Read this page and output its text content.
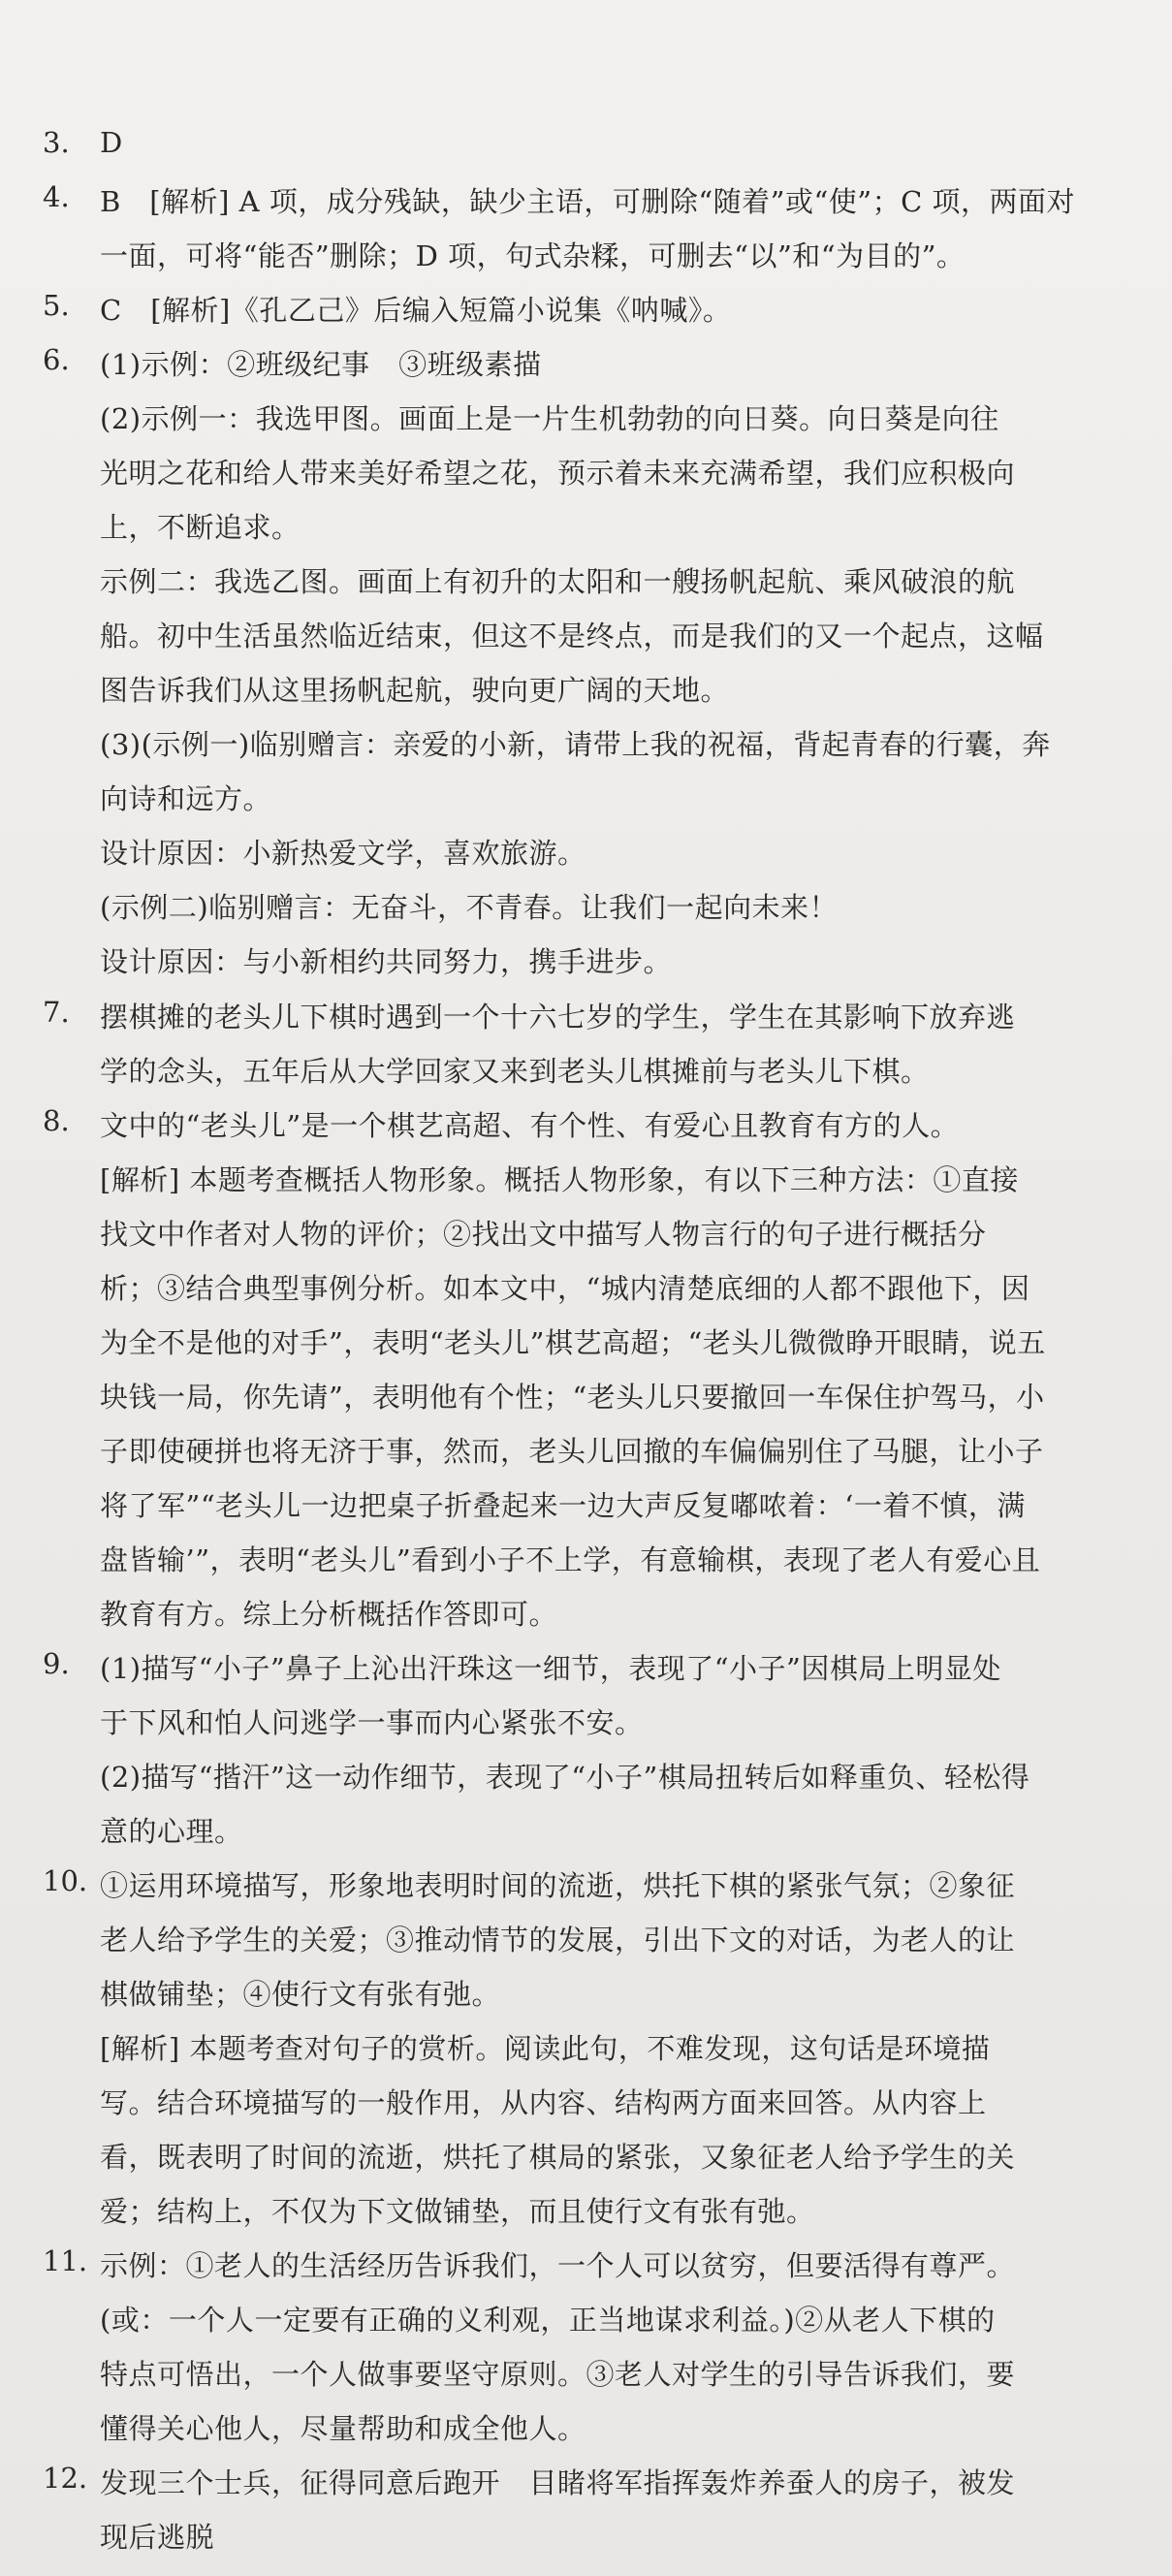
3. D
4. B　[解析] A 项，成分残缺，缺少主语，可删除“随着”或“使”；C 项，两面对
一面，可将“能否”删除；D 项，句式杂糅，可删去“以”和“为目的”。
5. C　[解析]《孔乙己》后编入短篇小说集《呐喊》。
6. (1)示例：②班级纪事　③班级素描
(2)示例一：我选甲图。画面上是一片生机勃勃的向日葵。向日葵是向往
光明之花和给人带来美好希望之花，预示着未来充满希望，我们应积极向
上，不断追求。
示例二：我选乙图。画面上有初升的太阳和一艘扬帆起航、乘风破浪的航
船。初中生活虽然临近结束，但这不是终点，而是我们的又一个起点，这幅
图告诉我们从这里扬帆起航，驶向更广阔的天地。
(3)(示例一)临别赠言：亲爱的小新，请带上我的祝福，背起青春的行囊，奔
向诗和远方。
设计原因：小新热爱文学，喜欢旅游。
(示例二)临别赠言：无奋斗，不青春。让我们一起向未来！
设计原因：与小新相约共同努力，携手进步。
7. 摆棋摊的老头儿下棋时遇到一个十六七岁的学生，学生在其影响下放弃逃
学的念头，五年后从大学回家又来到老头儿棋摊前与老头儿下棋。
8. 文中的“老头儿”是一个棋艺高超、有个性、有爱心且教育有方的人。
[解析] 本题考查概括人物形象。概括人物形象，有以下三种方法：①直接
找文中作者对人物的评价；②找出文中描写人物言行的句子进行概括分
析；③结合典型事例分析。如本文中，“城内清楚底细的人都不跟他下，因
为全不是他的对手”，表明“老头儿”棋艺高超；“老头儿微微睁开眼睛，说五
块钱一局，你先请”，表明他有个性；“老头儿只要撤回一车保住护驾马，小
子即使硬拼也将无济于事，然而，老头儿回撤的车偏偏别住了马腿，让小子
将了军”“老头儿一边把桌子折叠起来一边大声反复嘟哝着：‘一着不慎，满
盘皆输’”，表明“老头儿”看到小子不上学，有意输棋，表现了老人有爱心且
教育有方。综上分析概括作答即可。
9. (1)描写“小子”鼻子上沁出汗珠这一细节，表现了“小子”因棋局上明显处
于下风和怕人问逃学一事而内心紧张不安。
(2)描写“揩汗”这一动作细节，表现了“小子”棋局扭转后如释重负、轻松得
意的心理。
10. ①运用环境描写，形象地表明时间的流逝，烘托下棋的紧张气氛；②象征
老人给予学生的关爱；③推动情节的发展，引出下文的对话，为老人的让
棋做铺垫；④使行文有张有弛。
[解析] 本题考查对句子的赏析。阅读此句，不难发现，这句话是环境描
写。结合环境描写的一般作用，从内容、结构两方面来回答。从内容上
看，既表明了时间的流逝，烘托了棋局的紧张，又象征老人给予学生的关
爱；结构上，不仅为下文做铺垫，而且使行文有张有弛。
11. 示例：①老人的生活经历告诉我们，一个人可以贫穷，但要活得有尊严。
(或：一个人一定要有正确的义利观，正当地谋求利益。)②从老人下棋的
特点可悟出，一个人做事要坚守原则。③老人对学生的引导告诉我们，要
懂得关心他人，尽量帮助和成全他人。
12. 发现三个士兵，征得同意后跑开　目睹将军指挥轰炸养蚕人的房子，被发
现后逃脱
